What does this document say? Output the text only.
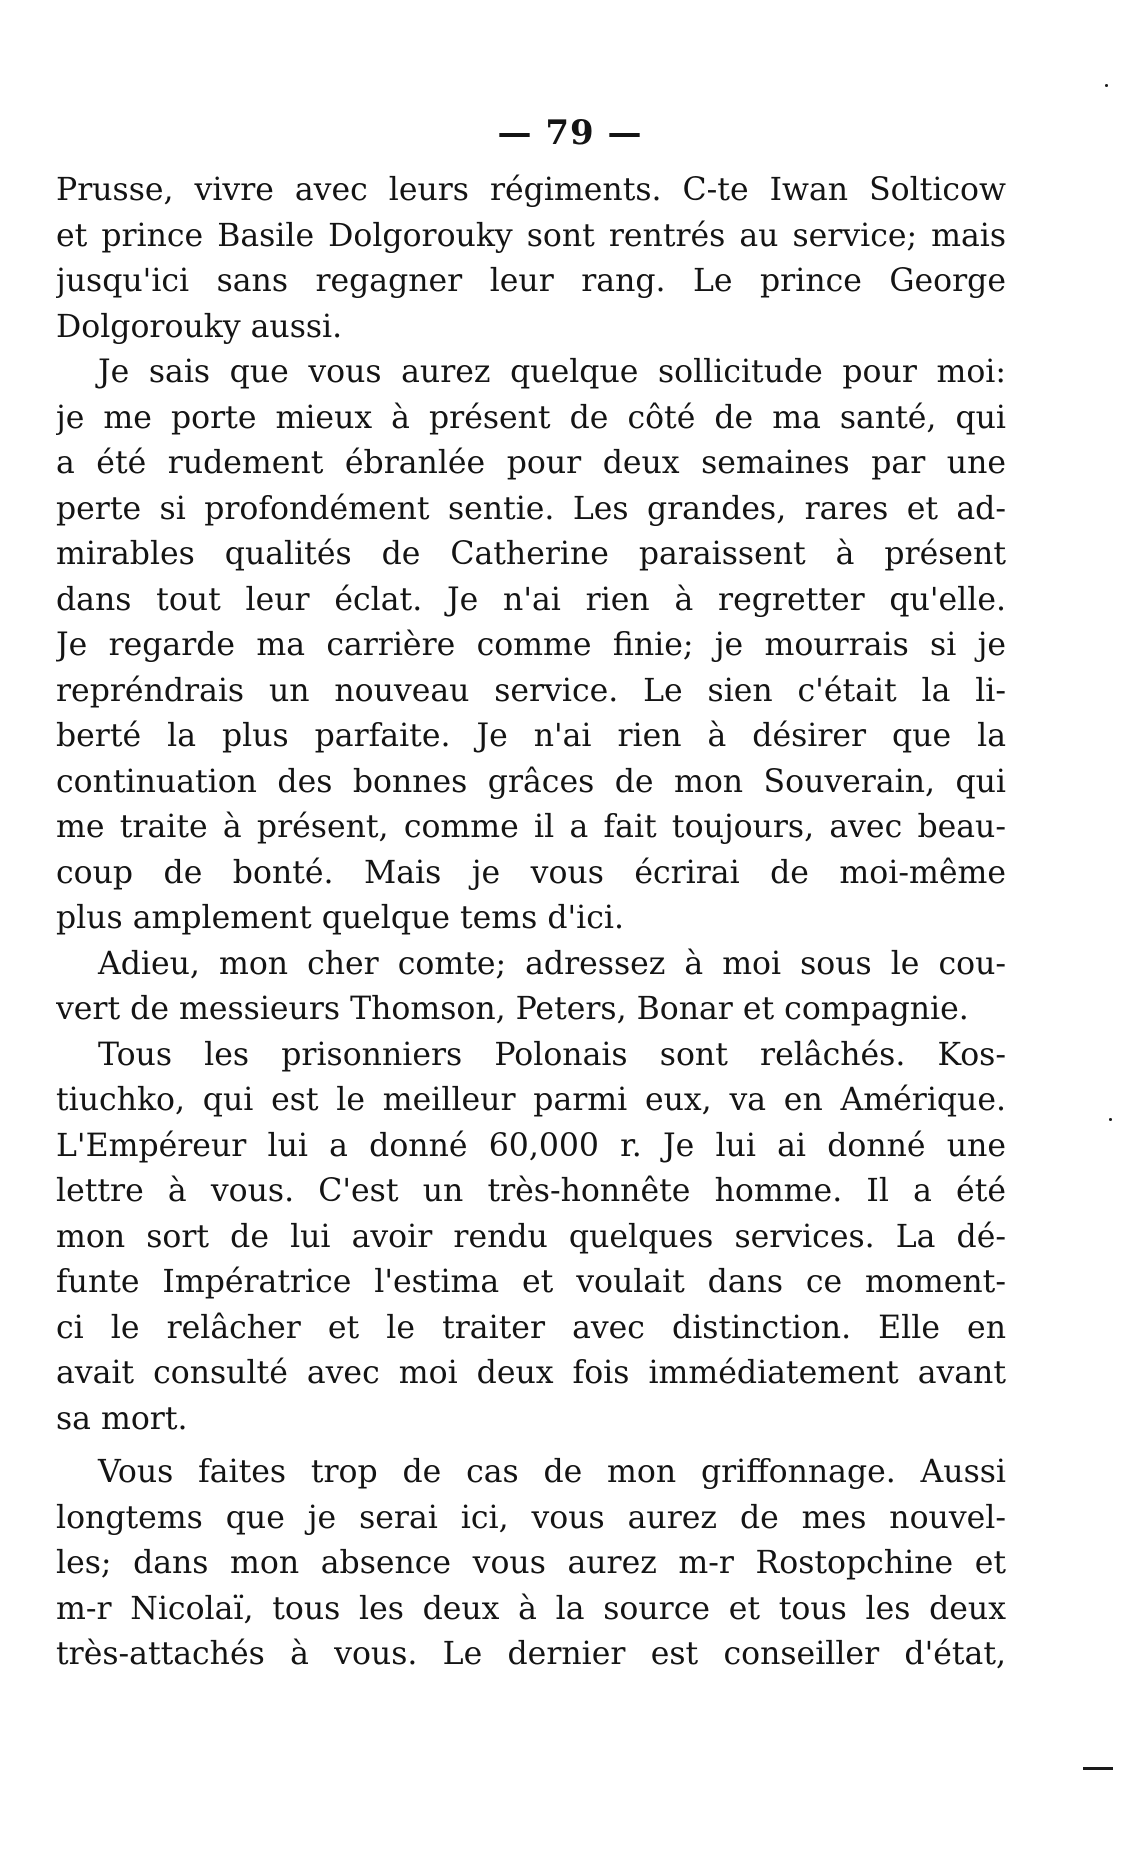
— 79 —

Prusse, vivre avec leurs régiments. C-te Iwan Solticow
et prince Basile Dolgorouky sont rentrés au service; mais
jusqu'ici sans regagner leur rang. Le prince George
Dolgorouky aussi.
Je sais que vous aurez quelque sollicitude pour moi:
je me porte mieux à présent de côté de ma santé, qui
a été rudement ébranlée pour deux semaines par une
perte si profondément sentie. Les grandes, rares et ad-
mirables qualités de Catherine paraissent à présent
dans tout leur éclat. Je n'ai rien à regretter qu'elle.
Je regarde ma carrière comme finie; je mourrais si je
repréndrais un nouveau service. Le sien c'était la li-
berté la plus parfaite. Je n'ai rien à désirer que la
continuation des bonnes grâces de mon Souverain, qui
me traite à présent, comme il a fait toujours, avec beau-
coup de bonté. Mais je vous écrirai de moi-même
plus amplement quelque tems d'ici.
Adieu, mon cher comte; adressez à moi sous le cou-
vert de messieurs Thomson, Peters, Bonar et compagnie.
Tous les prisonniers Polonais sont relâchés. Kos-
tiuchko, qui est le meilleur parmi eux, va en Amérique.
L'Empéreur lui a donné 60,000 r. Je lui ai donné une
lettre à vous. C'est un très-honnête homme. Il a été
mon sort de lui avoir rendu quelques services. La dé-
funte Impératrice l'estima et voulait dans ce moment-
ci le relâcher et le traiter avec distinction. Elle en
avait consulté avec moi deux fois immédiatement avant
sa mort.
Vous faites trop de cas de mon griffonnage. Aussi
longtems que je serai ici, vous aurez de mes nouvel-
les; dans mon absence vous aurez m-r Rostopchine et
m-r Nicolaï, tous les deux à la source et tous les deux
très-attachés à vous. Le dernier est conseiller d'état,
